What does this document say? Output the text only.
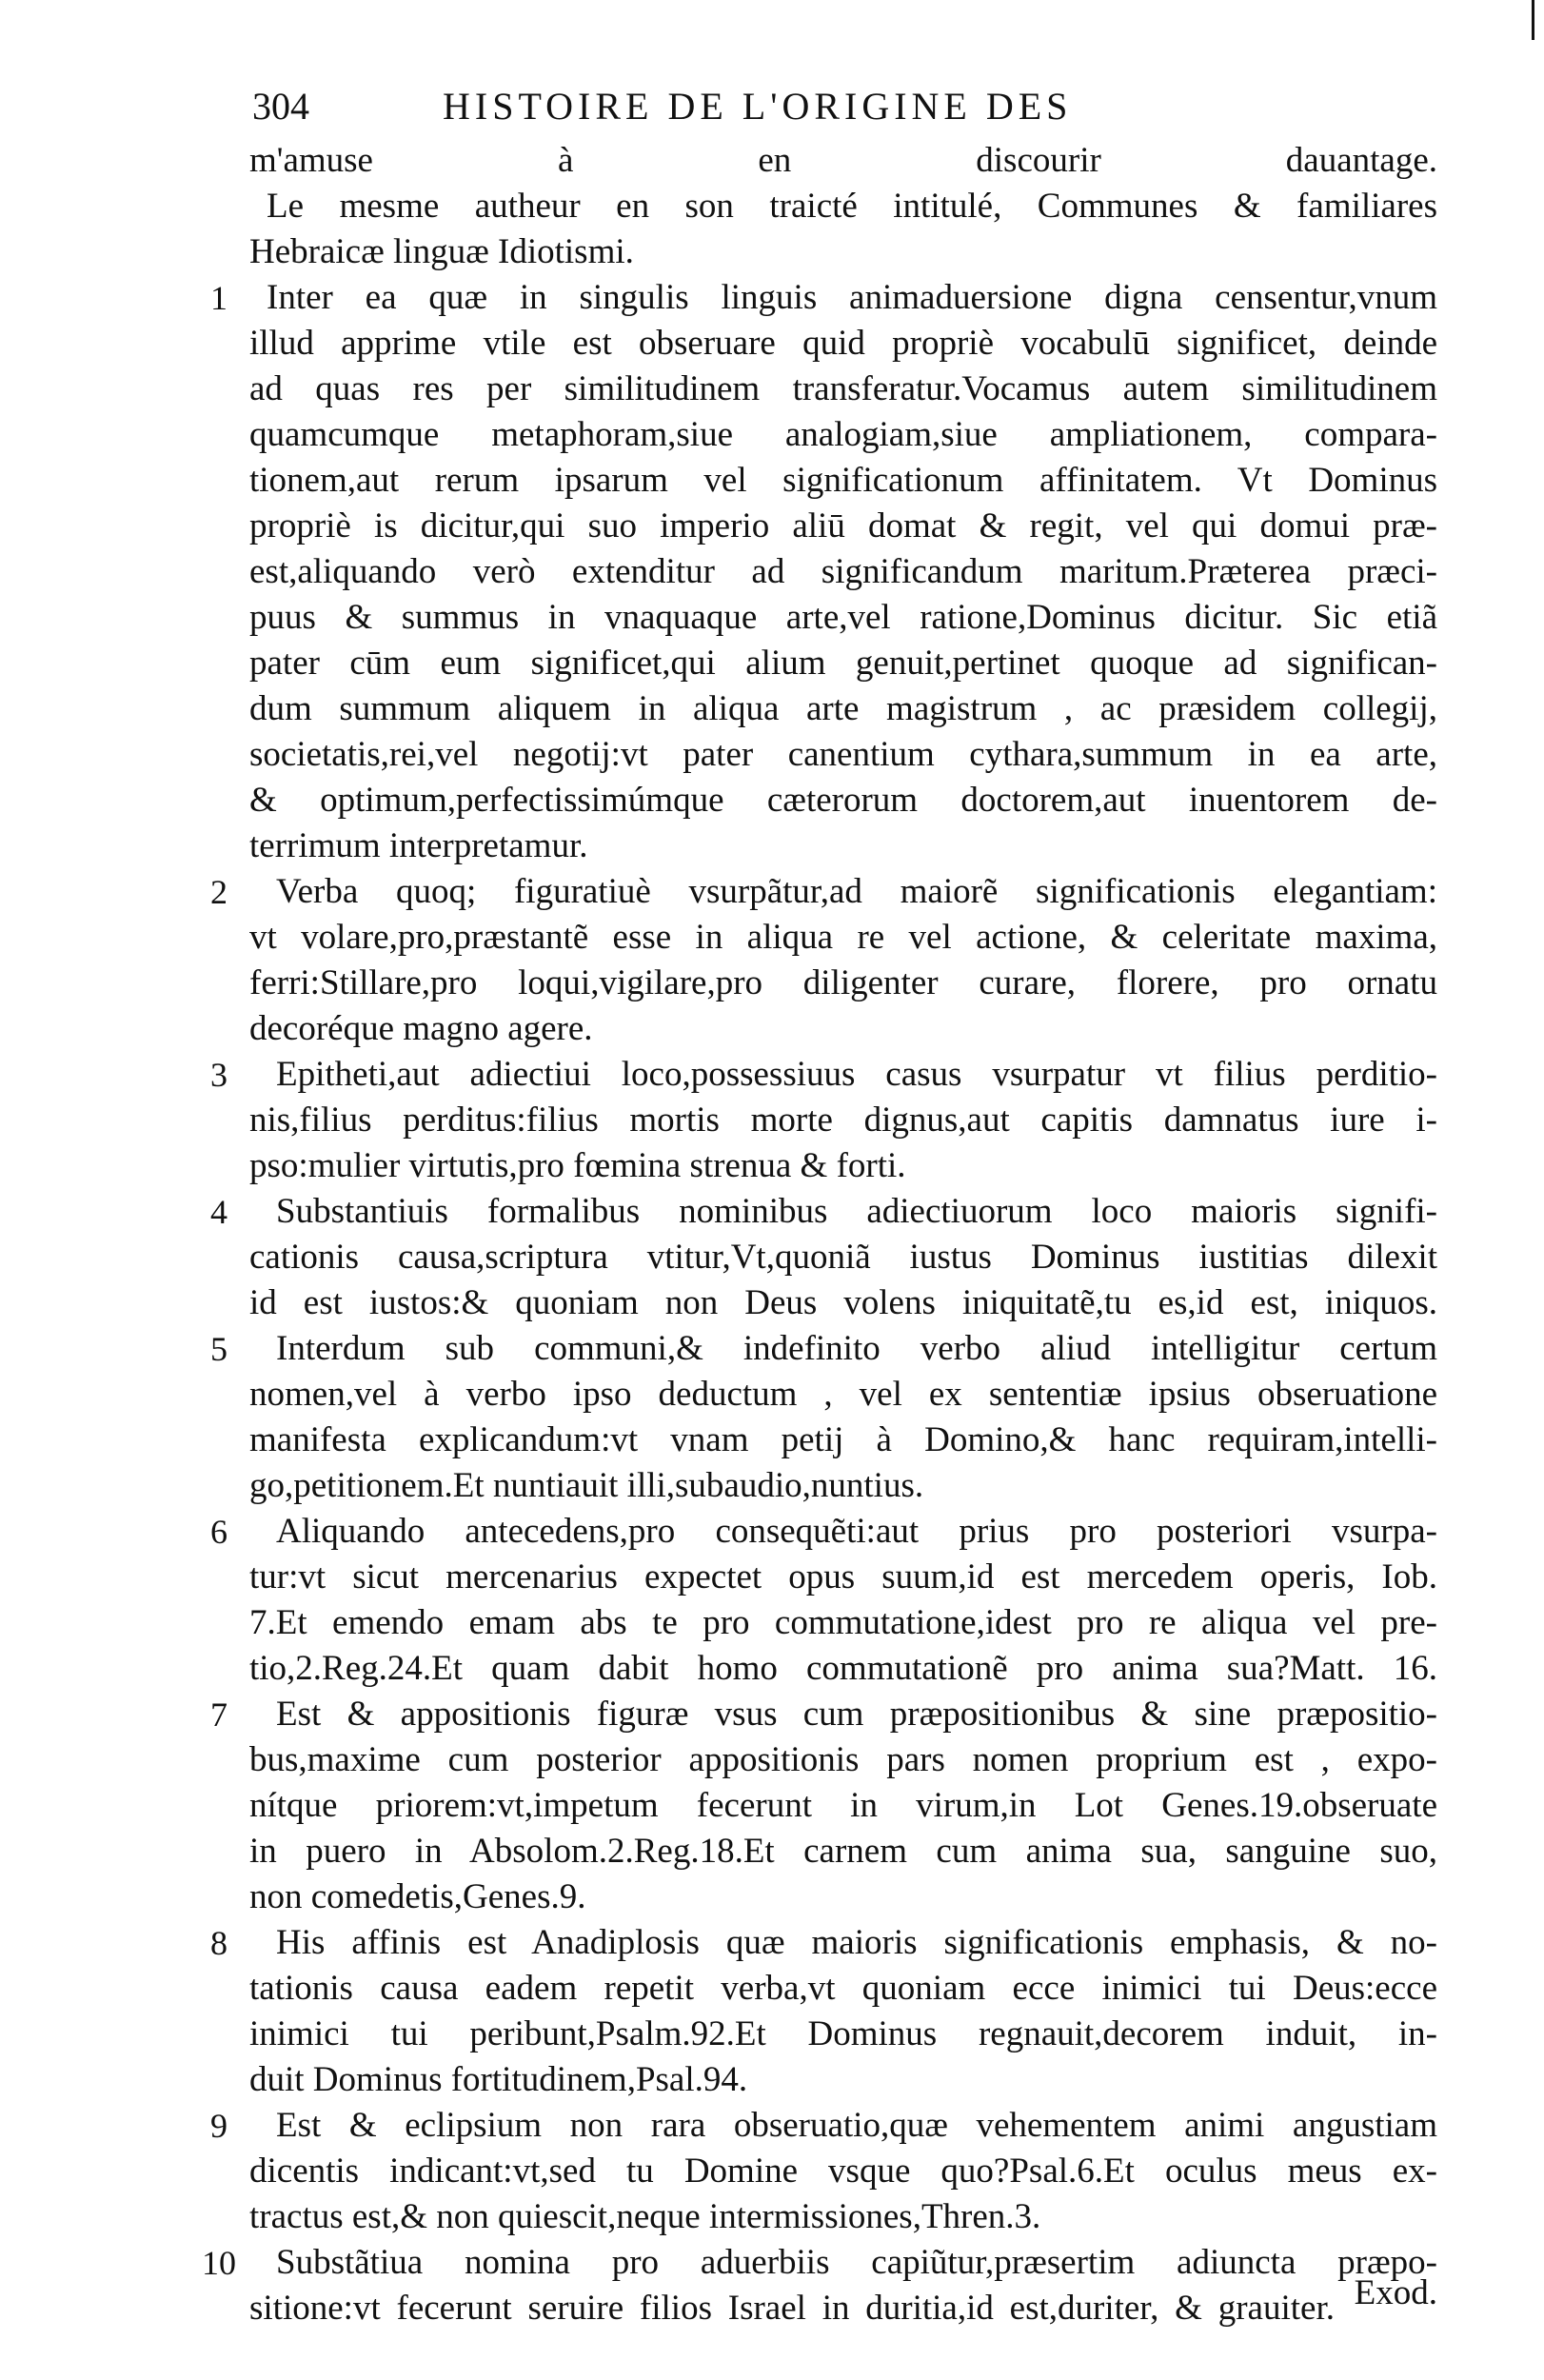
304	HISTOIRE DE L'ORIGINE DES
m'amuse à en discourir dauantage.
Le mesme autheur en son traicté intitulé, Communes & familiares
Hebraicæ linguæ Idiotismi.
Inter ea quæ in singulis linguis animaduersione digna censentur,vnum
illud apprime vtile est obseruare quid propriè vocabulū significet, deinde
ad quas res per similitudinem transferatur.Vocamus autem similitudinem
quamcumque metaphoram,siue analogiam,siue ampliationem, compara-
tionem,aut rerum ipsarum vel significationum affinitatem. Vt Dominus
propriè is dicitur,qui suo imperio aliū domat & regit, vel qui domui præ-
est,aliquando verò extenditur ad significandum maritum.Præterea præci-
puus & summus in vnaquaque arte,vel ratione,Dominus dicitur. Sic etiã
pater cūm eum significet,qui alium genuit,pertinet quoque ad significan-
dum summum aliquem in aliqua arte magistrum , ac præsidem collegij,
societatis,rei,vel negotij:vt pater canentium cythara,summum in ea arte,
& optimum,perfectissimúmque cæterorum doctorem,aut inuentorem de-
terrimum interpretamur.
Verba quoq; figuratiuè vsurpãtur,ad maiorẽ significationis elegantiam:
vt volare,pro,præstantẽ esse in aliqua re vel actione, & celeritate maxima,
ferri:Stillare,pro loqui,vigilare,pro diligenter curare, florere, pro ornatu
decoréque magno agere.
Epitheti,aut adiectiui loco,possessiuus casus vsurpatur vt filius perditio-
nis,filius perditus:filius mortis morte dignus,aut capitis damnatus iure i-
pso:mulier virtutis,pro fœmina strenua & forti.
Substantiuis formalibus nominibus adiectiuorum loco maioris signifi-
cationis causa,scriptura vtitur,Vt,quoniã iustus Dominus iustitias dilexit
id est iustos:& quoniam non Deus volens iniquitatẽ,tu es,id est, iniquos.
Interdum sub communi,& indefinito verbo aliud intelligitur certum
nomen,vel à verbo ipso deductum , vel ex sententiæ ipsius obseruatione
manifesta explicandum:vt vnam petij à Domino,& hanc requiram,intelli-
go,petitionem.Et nuntiauit illi,subaudio,nuntius.
Aliquando antecedens,pro consequẽti:aut prius pro posteriori vsurpa-
tur:vt sicut mercenarius expectet opus suum,id est mercedem operis, Iob.
7.Et emendo emam abs te pro commutatione,idest pro re aliqua vel pre-
tio,2.Reg.24.Et quam dabit homo commutationẽ pro anima sua?Matt. 16.
Est & appositionis figuræ vsus cum præpositionibus & sine præpositio-
bus,maxime cum posterior appositionis pars nomen proprium est , expo-
nítque priorem:vt,impetum fecerunt in virum,in Lot Genes.19.obseruate
in puero in Absolom.2.Reg.18.Et carnem cum anima sua, sanguine suo,
non comedetis,Genes.9.
His affinis est Anadiplosis quæ maioris significationis emphasis, & no-
tationis causa eadem repetit verba,vt quoniam ecce inimici tui Deus:ecce
inimici tui peribunt,Psalm.92.Et Dominus regnauit,decorem induit, in-
duit Dominus fortitudinem,Psal.94.
Est & eclipsium non rara obseruatio,quæ vehementem animi angustiam
dicentis indicant:vt,sed tu Domine vsque quo?Psal.6.Et oculus meus ex-
tractus est,& non quiescit,neque intermissiones,Thren.3.
Substãtiua nomina pro aduerbiis capiũtur,præsertim adiuncta præpo-
sitione:vt fecerunt seruire filios Israel in duritia,id est,duriter, & grauiter.
1
2
3
4
5
6
7
8
9
10
Exod.
